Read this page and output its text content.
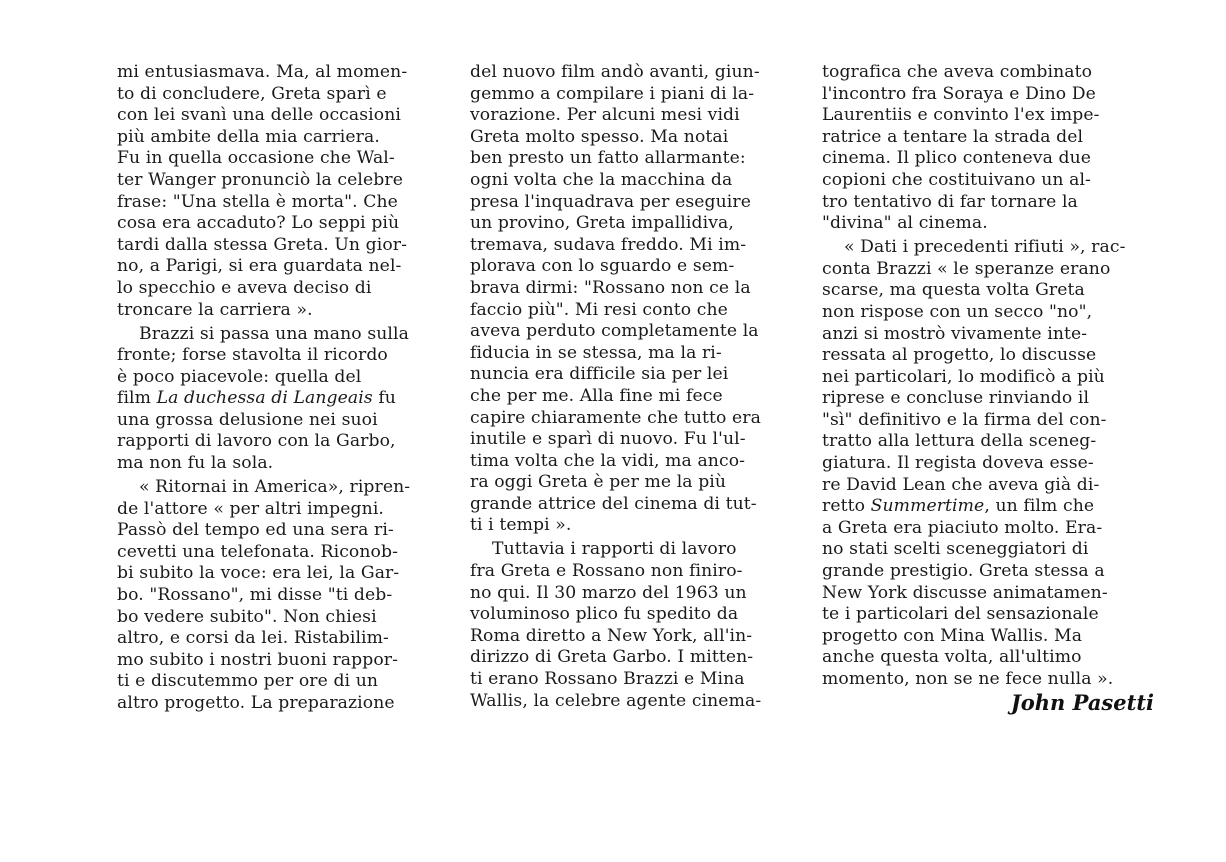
mi entusiasmava. Ma, al momen-
to di concludere, Greta sparì e
con lei svanì una delle occasioni
più ambite della mia carriera.
Fu in quella occasione che Wal-
ter Wanger pronunciò la celebre
frase: "Una stella è morta". Che
cosa era accaduto? Lo seppi più
tardi dalla stessa Greta. Un gior-
no, a Parigi, si era guardata nel-
lo specchio e aveva deciso di
troncare la carriera ».
Brazzi si passa una mano sulla
fronte; forse stavolta il ricordo
è poco piacevole: quella del
film La duchessa di Langeais fu
una grossa delusione nei suoi
rapporti di lavoro con la Garbo,
ma non fu la sola.
« Ritornai in America», ripren-
de l'attore « per altri impegni.
Passò del tempo ed una sera ri-
cevetti una telefonata. Riconob-
bi subito la voce: era lei, la Gar-
bo. "Rossano", mi disse "ti deb-
bo vedere subito". Non chiesi
altro, e corsi da lei. Ristabilim-
mo subito i nostri buoni rappor-
ti e discutemmo per ore di un
altro progetto. La preparazione
del nuovo film andò avanti, giun-
gemmo a compilare i piani di la-
vorazione. Per alcuni mesi vidi
Greta molto spesso. Ma notai
ben presto un fatto allarmante:
ogni volta che la macchina da
presa l'inquadrava per eseguire
un provino, Greta impallidiva,
tremava, sudava freddo. Mi im-
plorava con lo sguardo e sem-
brava dirmi: "Rossano non ce la
faccio più". Mi resi conto che
aveva perduto completamente la
fiducia in se stessa, ma la ri-
nuncia era difficile sia per lei
che per me. Alla fine mi fece
capire chiaramente che tutto era
inutile e sparì di nuovo. Fu l'ul-
tima volta che la vidi, ma anco-
ra oggi Greta è per me la più
grande attrice del cinema di tut-
ti i tempi ».
Tuttavia i rapporti di lavoro
fra Greta e Rossano non finiro-
no qui. Il 30 marzo del 1963 un
voluminoso plico fu spedito da
Roma diretto a New York, all'in-
dirizzo di Greta Garbo. I mitten-
ti erano Rossano Brazzi e Mina
Wallis, la celebre agente cinema-
tografica che aveva combinato
l'incontro fra Soraya e Dino De
Laurentiis e convinto l'ex impe-
ratrice a tentare la strada del
cinema. Il plico conteneva due
copioni che costituivano un al-
tro tentativo di far tornare la
"divina" al cinema.
« Dati i precedenti rifiuti », rac-
conta Brazzi « le speranze erano
scarse, ma questa volta Greta
non rispose con un secco "no",
anzi si mostrò vivamente inte-
ressata al progetto, lo discusse
nei particolari, lo modificò a più
riprese e concluse rinviando il
"sì" definitivo e la firma del con-
tratto alla lettura della sceneg-
giatura. Il regista doveva esse-
re David Lean che aveva già di-
retto Summertime, un film che
a Greta era piaciuto molto. Era-
no stati scelti sceneggiatori di
grande prestigio. Greta stessa a
New York discusse animatamen-
te i particolari del sensazionale
progetto con Mina Wallis. Ma
anche questa volta, all'ultimo
momento, non se ne fece nulla ».
John Pasetti
